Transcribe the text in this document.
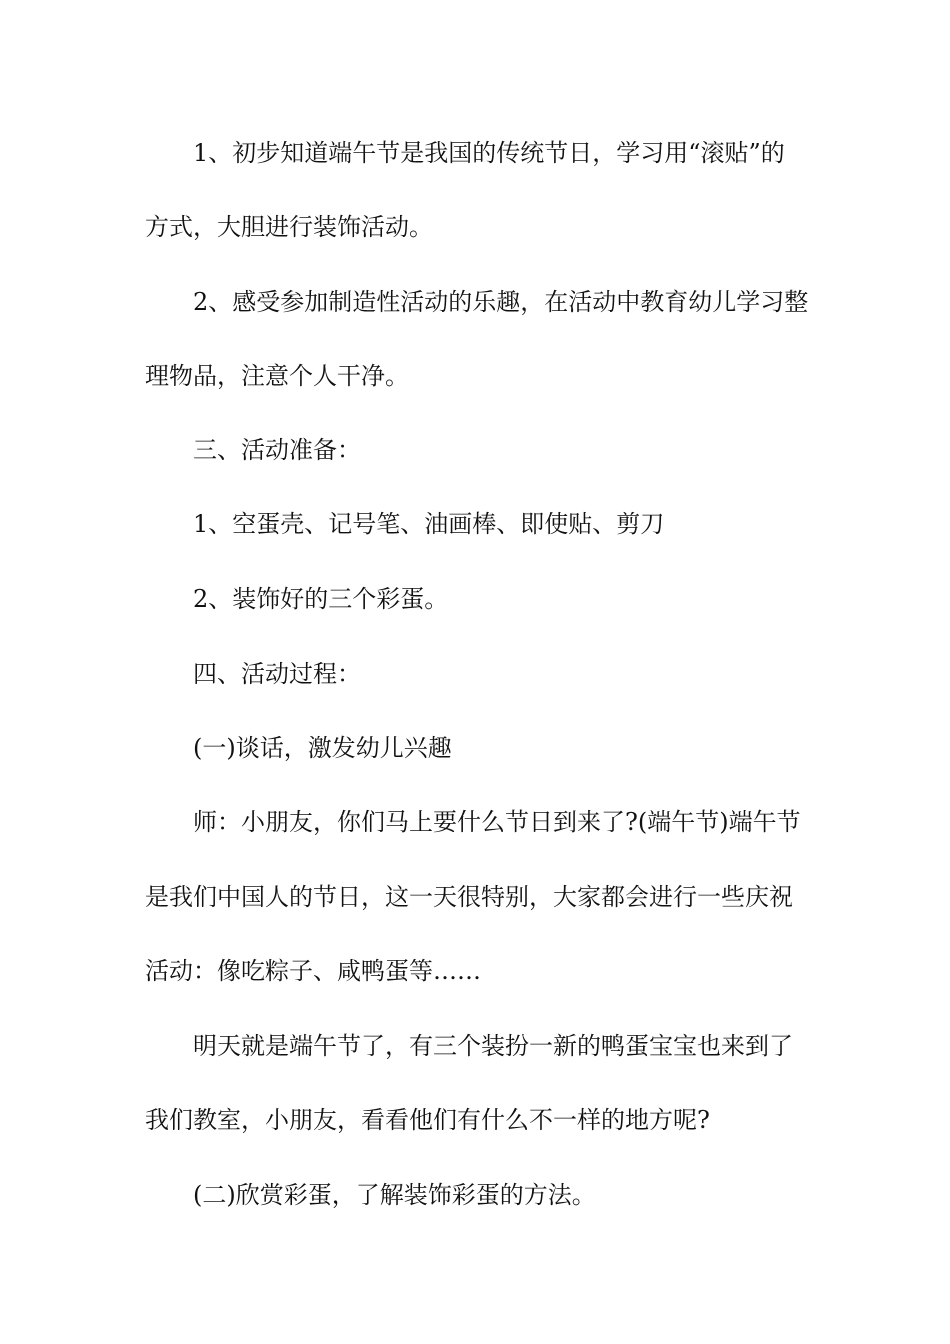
1、初步知道端午节是我国的传统节日，学习用“滚贴”的
方式，大胆进行装饰活动。
2、感受参加制造性活动的乐趣，在活动中教育幼儿学习整
理物品，注意个人干净。
三、活动准备：
1、空蛋壳、记号笔、油画棒、即使贴、剪刀
2、装饰好的三个彩蛋。
四、活动过程：
(一)谈话，激发幼儿兴趣
师：小朋友，你们马上要什么节日到来了?(端午节)端午节
是我们中国人的节日，这一天很特别，大家都会进行一些庆祝
活动：像吃粽子、咸鸭蛋等……
明天就是端午节了，有三个装扮一新的鸭蛋宝宝也来到了
我们教室，小朋友，看看他们有什么不一样的地方呢?
(二)欣赏彩蛋，了解装饰彩蛋的方法。
